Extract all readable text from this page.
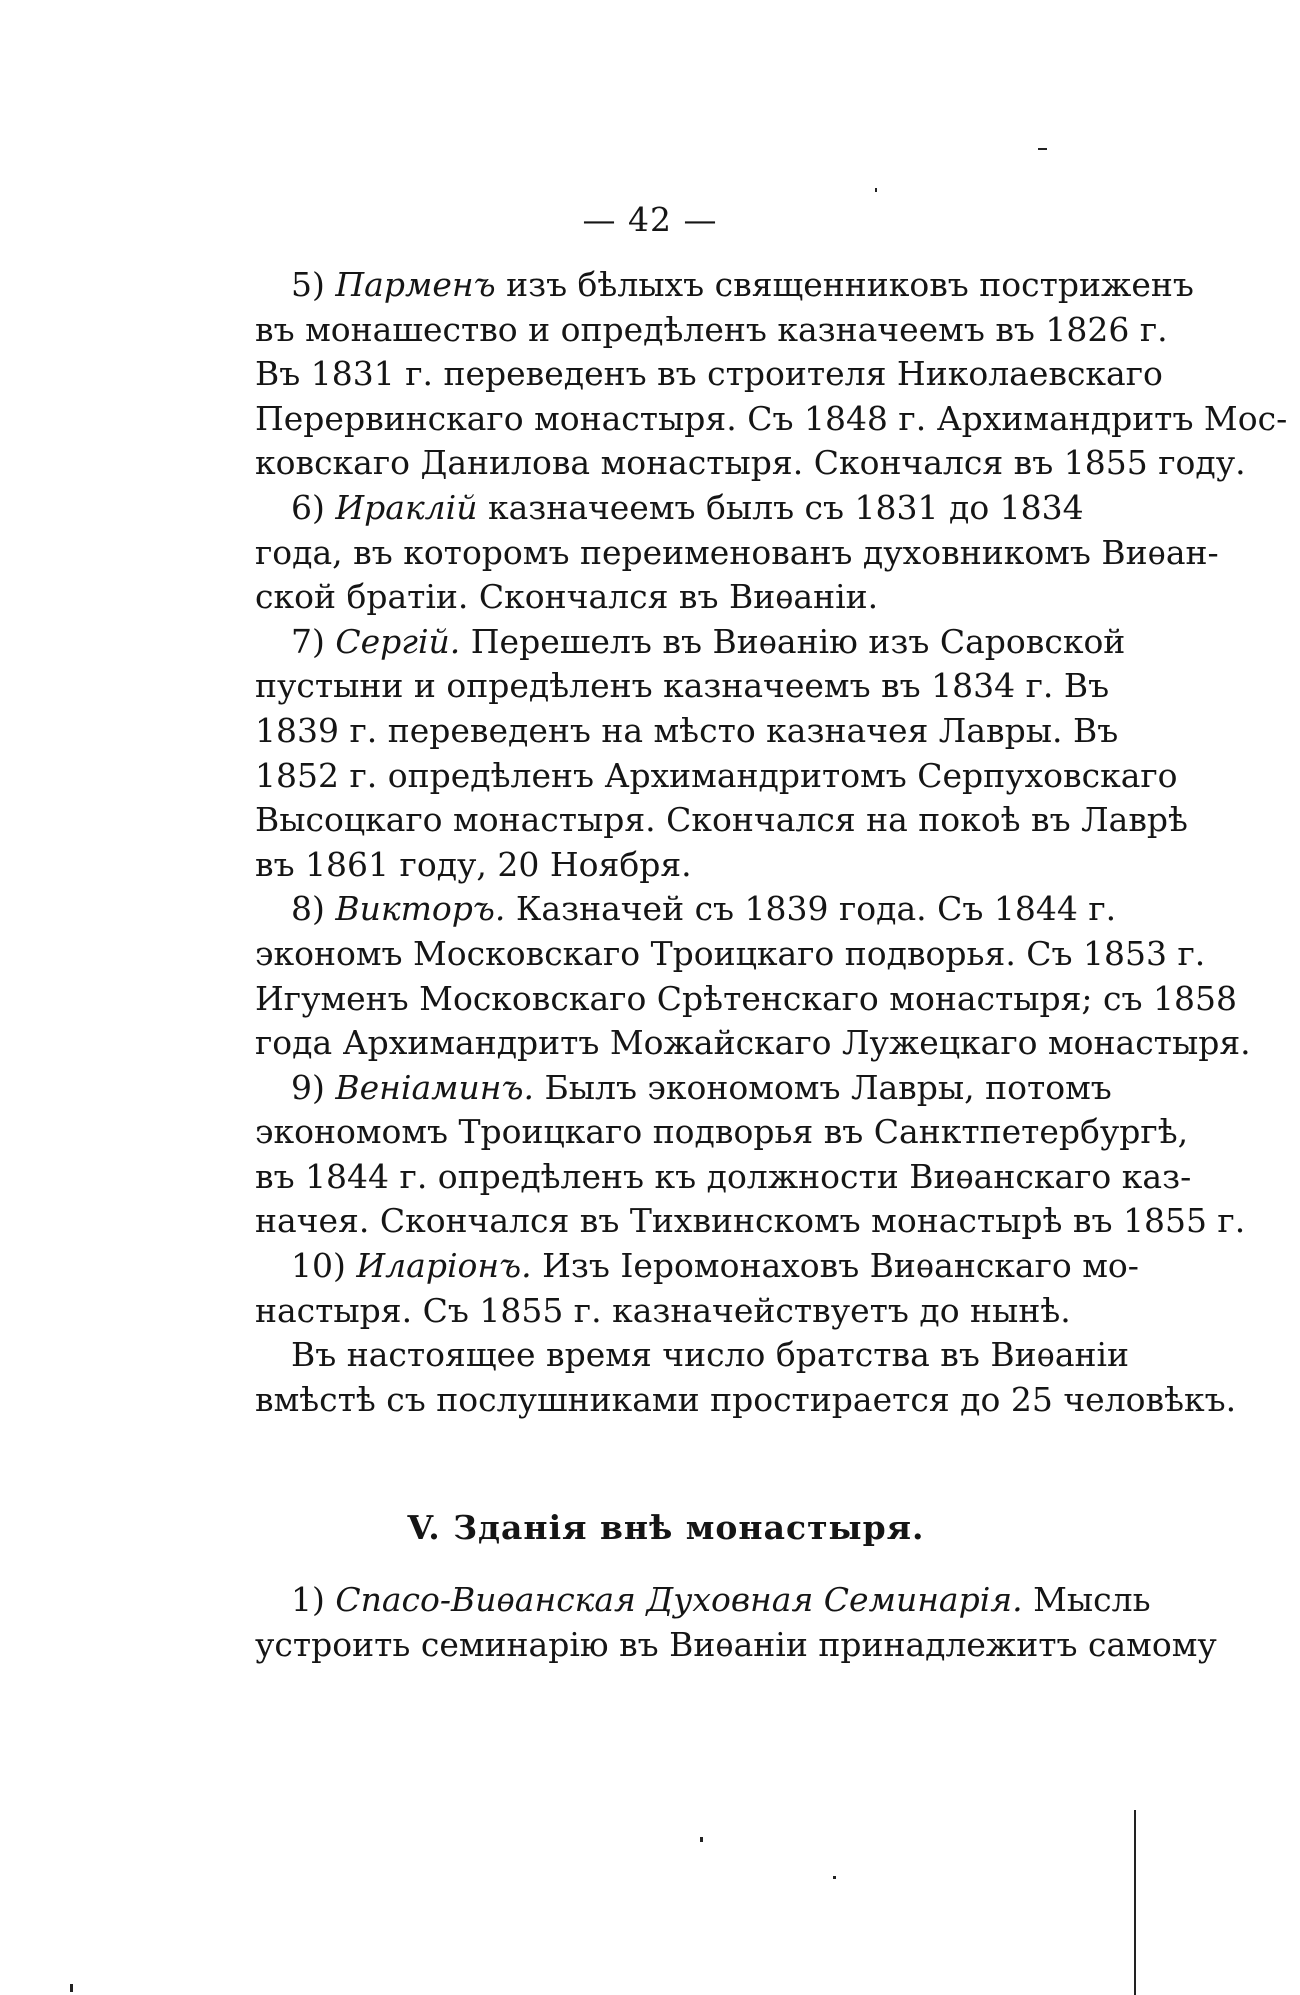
— 42 —
5) Парменъ изъ бѣлыхъ священниковъ постриженъ
въ монашество и опредѣленъ казначеемъ въ 1826 г.
Въ 1831 г. переведенъ въ строителя Николаевскаго
Перервинскаго монастыря. Съ 1848 г. Архимандритъ Мос-
ковскаго Данилова монастыря. Скончался въ 1855 году.
6) Ираклій казначеемъ былъ съ 1831 до 1834
года, въ которомъ переименованъ духовникомъ Виѳан-
ской братіи. Скончался въ Виѳаніи.
7) Сергій. Перешелъ въ Виѳанію изъ Саровской
пустыни и опредѣленъ казначеемъ въ 1834 г. Въ
1839 г. переведенъ на мѣсто казначея Лавры. Въ
1852 г. опредѣленъ Архимандритомъ Серпуховскаго
Высоцкаго монастыря. Скончался на покоѣ въ Лаврѣ
въ 1861 году, 20 Ноября.
8) Викторъ. Казначей съ 1839 года. Съ 1844 г.
экономъ Московскаго Троицкаго подворья. Съ 1853 г.
Игуменъ Московскаго Срѣтенскаго монастыря; съ 1858
года Архимандритъ Можайскаго Лужецкаго монастыря.
9) Веніаминъ. Былъ экономомъ Лавры, потомъ
экономомъ Троицкаго подворья въ Санктпетербургѣ,
въ 1844 г. опредѣленъ къ должности Виѳанскаго каз-
начея. Скончался въ Тихвинскомъ монастырѣ въ 1855 г.
10) Иларіонъ. Изъ Іеромонаховъ Виѳанскаго мо-
настыря. Съ 1855 г. казначействуетъ до нынѣ.
Въ настоящее время число братства въ Виѳаніи
вмѣстѣ съ послушниками простирается до 25 человѣкъ.
V. Зданія внѣ монастыря.
1) Спасо-Виѳанская Духовная Семинарія. Мысль
устроить семинарію въ Виѳаніи принадлежитъ самому
